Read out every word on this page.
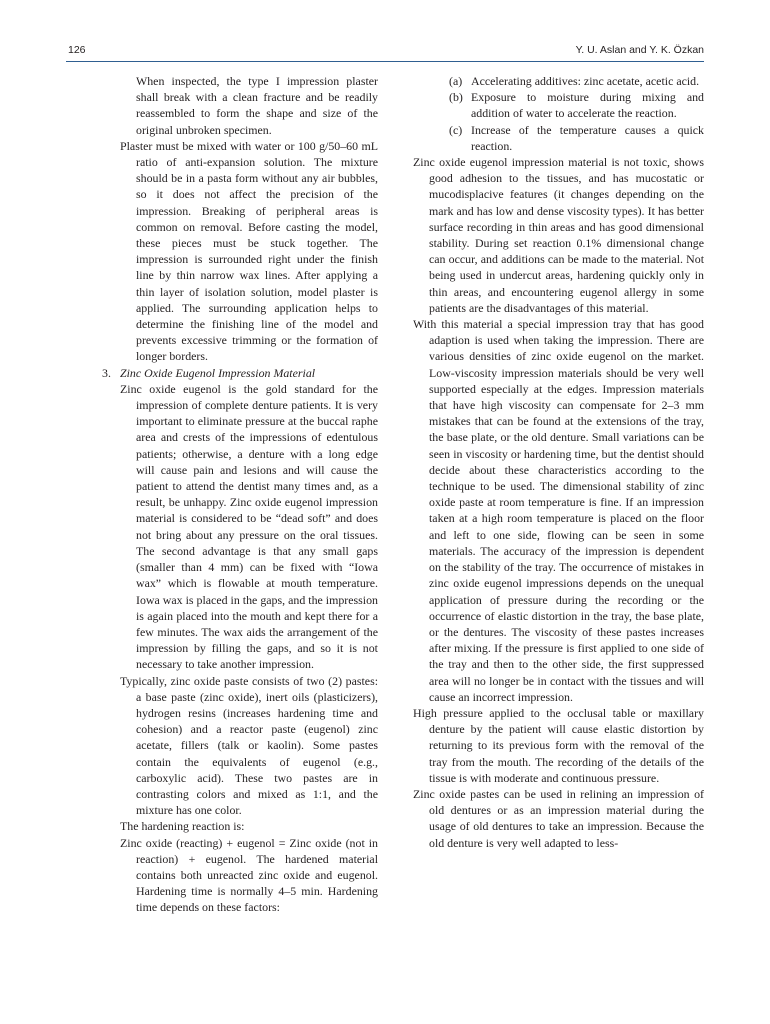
126	Y. U. Aslan and Y. K. Özkan

When inspected, the type I impression plaster shall break with a clean fracture and be readily reassembled to form the shape and size of the original unbroken specimen.

Plaster must be mixed with water or 100 g/50–60 mL ratio of anti-expansion solution. The mixture should be in a pasta form without any air bubbles, so it does not affect the precision of the impression. Breaking of peripheral areas is common on removal. Before casting the model, these pieces must be stuck together. The impression is surrounded right under the finish line by thin narrow wax lines. After applying a thin layer of isolation solution, model plaster is applied. The surrounding application helps to determine the finishing line of the model and prevents excessive trimming or the formation of longer borders.

3. Zinc Oxide Eugenol Impression Material

Zinc oxide eugenol is the gold standard for the impression of complete denture patients. It is very important to eliminate pressure at the buccal raphe area and crests of the impressions of edentulous patients; otherwise, a denture with a long edge will cause pain and lesions and will cause the patient to attend the dentist many times and, as a result, be unhappy. Zinc oxide eugenol impression material is considered to be “dead soft” and does not bring about any pressure on the oral tissues. The second advantage is that any small gaps (smaller than 4 mm) can be fixed with “Iowa wax” which is flowable at mouth temperature. Iowa wax is placed in the gaps, and the impression is again placed into the mouth and kept there for a few minutes. The wax aids the arrangement of the impression by filling the gaps, and so it is not necessary to take another impression.

Typically, zinc oxide paste consists of two (2) pastes: a base paste (zinc oxide), inert oils (plasticizers), hydrogen resins (increases hardening time and cohesion) and a reactor paste (eugenol) zinc acetate, fillers (talk or kaolin). Some pastes contain the equivalents of eugenol (e.g., carboxylic acid). These two pastes are in contrasting colors and mixed as 1:1, and the mixture has one color.

The hardening reaction is:

Zinc oxide (reacting) + eugenol = Zinc oxide (not in reaction) + eugenol. The hardened material contains both unreacted zinc oxide and eugenol. Hardening time is normally 4–5 min. Hardening time depends on these factors:

(a) Accelerating additives: zinc acetate, acetic acid.

(b) Exposure to moisture during mixing and addition of water to accelerate the reaction.

(c) Increase of the temperature causes a quick reaction.

Zinc oxide eugenol impression material is not toxic, shows good adhesion to the tissues, and has mucostatic or mucodisplacive features (it changes depending on the mark and has low and dense viscosity types). It has better surface recording in thin areas and has good dimensional stability. During set reaction 0.1% dimensional change can occur, and additions can be made to the material. Not being used in undercut areas, hardening quickly only in thin areas, and encountering eugenol allergy in some patients are the disadvantages of this material.

With this material a special impression tray that has good adaption is used when taking the impression. There are various densities of zinc oxide eugenol on the market. Low-viscosity impression materials should be very well supported especially at the edges. Impression materials that have high viscosity can compensate for 2–3 mm mistakes that can be found at the extensions of the tray, the base plate, or the old denture. Small variations can be seen in viscosity or hardening time, but the dentist should decide about these characteristics according to the technique to be used. The dimensional stability of zinc oxide paste at room temperature is fine. If an impression taken at a high room temperature is placed on the floor and left to one side, flowing can be seen in some materials. The accuracy of the impression is dependent on the stability of the tray. The occurrence of mistakes in zinc oxide eugenol impressions depends on the unequal application of pressure during the recording or the occurrence of elastic distortion in the tray, the base plate, or the dentures. The viscosity of these pastes increases after mixing. If the pressure is first applied to one side of the tray and then to the other side, the first suppressed area will no longer be in contact with the tissues and will cause an incorrect impression.

High pressure applied to the occlusal table or maxillary denture by the patient will cause elastic distortion by returning to its previous form with the removal of the tray from the mouth. The recording of the details of the tissue is with moderate and continuous pressure.

Zinc oxide pastes can be used in relining an impression of old dentures or as an impression material during the usage of old dentures to take an impression. Because the old denture is very well adapted to less-
